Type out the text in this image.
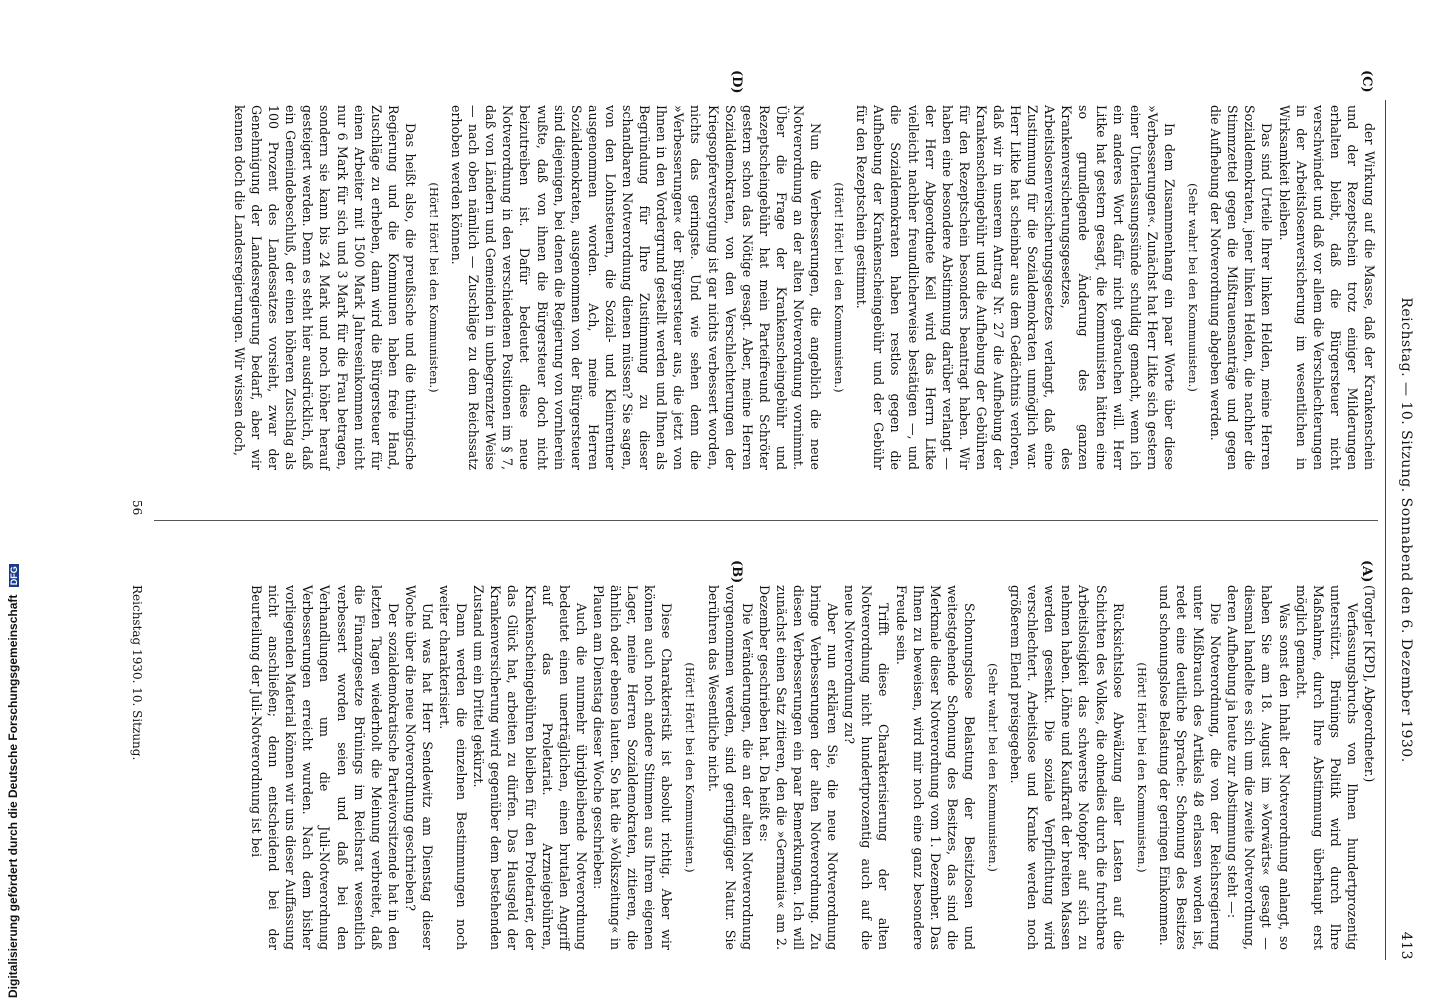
Reichstag. — 10. Sitzung. Sonnabend den 6. Dezember 1930.
413
(A)
(B)
(C)
(D)

(Torgler [KPD], Abgeordneter.)

Verfassungsbruchs von Ihnen hundertprozentig unterstützt. Brünings Politik wird durch Ihre Maßnahme, durch Ihre Abstimmung überhaupt erst möglich gemacht.

Was sonst den Inhalt der Notverordnung anlangt, so haben Sie am 18. August im »Vorwärts« gesagt — diesmal handelte es sich um die zweite Notverordnung, deren Aufhebung ja heute zur Abstimmung steht —:

Die Notverordnung, die von der Reichsregierung unter Mißbrauch des Artikels 48 erlassen worden ist, redet eine deutliche Sprache: Schonung des Besitzes und schonungslose Belastung der geringen Einkommen.

(Hört! Hört! bei den Kommunisten.)

Rücksichtslose Abwälzung aller Lasten auf die Schichten des Volkes, die ohnedies durch die furchtbare Arbeitslosigkeit das schwerste Notopfer auf sich zu nehmen haben. Löhne und Kaufkraft der breiten Massen werden gesenkt. Die soziale Verpflichtung wird verschlechtert. Arbeitslose und Kranke werden noch größerem Elend preisgegeben.

(Sehr wahr! bei den Kommunisten.)

Schonungslose Belastung der Besitzlosen und weitestgehende Schonung des Besitzes, das sind die Merkmale dieser Notverordnung vom 1. Dezember. Das Ihnen zu beweisen, wird mir noch eine ganz besondere Freude sein.

Trifft diese Charakterisierung der alten Notverordnung nicht hundertprozentig auch auf die neue Notverordnung zu?

Aber nun erklären Sie, die neue Notverordnung bringe Verbesserungen der alten Notverordnung. Zu diesen Verbesserungen ein paar Bemerkungen. Ich will zunächst einen Satz zitieren, den die »Germania« am 2. Dezember geschrieben hat. Da heißt es:

Die Veränderungen, die an der alten Notverordnung vorgenommen werden, sind geringfügiger Natur. Sie berühren das Wesentliche nicht.

(Hört! Hört! bei den Kommunisten.)

Diese Charakteristik ist absolut richtig. Aber wir können auch noch andere Stimmen aus Ihrem eigenen Lager, meine Herren Sozialdemokraten, zitieren, die ähnlich oder ebenso lauten. So hat die »Volkszeitung« in Plauen am Dienstag dieser Woche geschrieben:

Auch die nunmehr übrigbleibende Notverordnung bedeutet einen unerträglichen, einen brutalen Angriff auf das Proletariat. Arzneigebühren, Krankenscheingebühren bleiben für den Proletarier, der das Glück hat, arbeiten zu dürfen. Das Hausgeld der Krankenversicherung wird gegenüber dem bestehenden Zustand um ein Drittel gekürzt.

Dann werden die einzelnen Bestimmungen noch weiter charakterisiert.

Und was hat Herr Sendewitz am Dienstag dieser Woche über die neue Notverordnung geschrieben?

Der sozialdemokratische Parteivorsitzende hat in den letzten Tagen wiederholt die Meinung verbreitet, daß die Finanzgesetze Brünings im Reichsrat wesentlich verbessert worden seien und daß bei den Verhandlungen um die Juli-Notverordnung Verbesserungen erreicht wurden. Nach dem bisher vorliegenden Material können wir uns dieser Auffassung nicht anschließen; denn entscheidend bei der Beurteilung der Juli-Notverordnung ist bei

der Wirkung auf die Masse, daß der Krankenschein und der Rezeptschein trotz einiger Milderungen erhalten bleibt, daß die Bürgersteuer nicht verschwindet und daß vor allem die Verschlechterungen in der Arbeitslosenversicherung im wesentlichen in Wirksamkeit bleiben.

Das sind Urteile Ihrer linken Helden, meine Herren Sozialdemokraten, jener linken Helden, die nachher die Stimmzettel gegen die Mißtrauensanträge und gegen die Aufhebung der Notverordnung abgeben werden.

(Sehr wahr! bei den Kommunisten.)

In dem Zusammenhang ein paar Worte über diese »Verbesserungen«. Zunächst hat Herr Litke sich gestern einer Unterlassungssünde schuldig gemacht, wenn ich ein anderes Wort dafür nicht gebrauchen will. Herr Litke hat gestern gesagt, die Kommunisten hätten eine so grundlegende Änderung des ganzen Krankenversicherungsgesetzes, des Arbeitslosenversicherungsgesetzes verlangt, daß eine Zustimmung für die Sozialdemokraten unmöglich war. Herr Litke hat scheinbar aus dem Gedächtnis verloren, daß wir in unserem Antrag Nr. 27 die Aufhebung der Krankenscheingebühr und die Aufhebung der Gebühren für den Rezeptschein besonders beantragt haben. Wir haben eine besondere Abstimmung darüber verlangt — der Herr Abgeordnete Keil wird das Herrn Litke vielleicht nachher freundlicherweise bestätigen —, und die Sozialdemokraten haben restlos gegen die Aufhebung der Krankenscheingebühr und der Gebühr für den Rezeptschein gestimmt.

(Hört! Hört! bei den Kommunisten.)

Nun die Verbesserungen, die angeblich die neue Notverordnung an der alten Notverordnung vornimmt. Über die Frage der Krankenscheingebühr und Rezeptscheingebühr hat mein Parteifreund Schröter gestern schon das Nötige gesagt. Aber, meine Herren Sozialdemokraten, von den Verschlechterungen der Kriegsopferversorgung ist gar nichts verbessert worden, nichts das geringste. Und wie sehen denn die »Verbesserungen« der Bürgersteuer aus, die jetzt von Ihnen in den Vordergrund gestellt werden und Ihnen als Begründung für Ihre Zustimmung zu dieser schandbaren Notverordnung dienen müssen? Sie sagen, von den Lohnsteuern, die Sozial- und Kleinrentner ausgenommen worden. Ach, meine Herren Sozialdemokraten, ausgenommen von der Bürgersteuer sind diejenigen, bei denen die Regierung von vornherein wußte, daß von ihnen die Bürgersteuer doch nicht beizutreiben ist. Dafür bedeutet diese neue Notverordnung in den verschiedenen Positionen im § 7, daß von Ländern und Gemeinden in unbegrenzter Weise — nach oben nämlich — Zuschläge zu dem Reichssatz erhoben werden können.

(Hört! Hört! bei den Kommunisten.)

Das heißt also, die preußische und die thüringische Regierung und die Kommunen haben freie Hand, Zuschläge zu erheben, dann wird die Bürgersteuer für einen Arbeiter mit 1500 Mark Jahreseinkommen nicht nur 6 Mark für sich und 3 Mark für die Frau betragen, sondern sie kann bis 24 Mark und noch höher herauf gesteigert werden. Denn es steht hier ausdrücklich, daß ein Gemeindebeschluß, der einen höheren Zuschlag als 100 Prozent des Landessatzes vorsieht, zwar der Genehmigung der Landesregierung bedarf, aber wir kennen doch die Landesregierungen. Wir wissen doch,

Reichstag 1930. 10. Sitzung.
56
Digitalisierung gefördert durch die Deutsche Forschungsgemeinschaft DFG
